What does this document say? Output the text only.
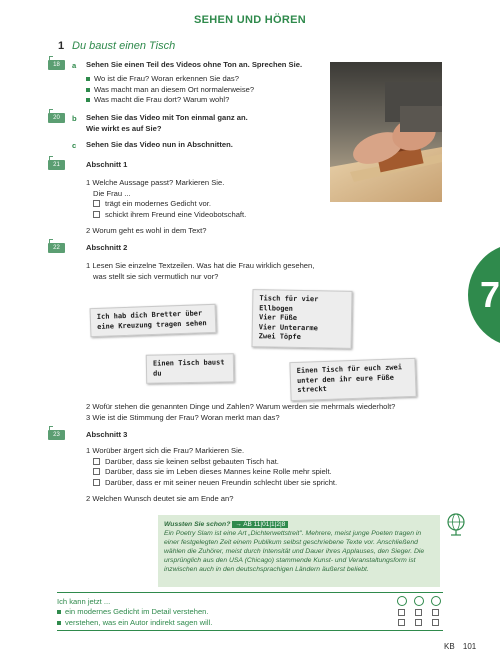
SEHEN UND HÖREN
1 Du baust einen Tisch
18	a Sehen Sie einen Teil des Videos ohne Ton an. Sprechen Sie.
Wo ist die Frau? Woran erkennen Sie das?
Was macht man an diesem Ort normalerweise?
Was macht die Frau dort? Warum wohl?
20	b Sehen Sie das Video mit Ton einmal ganz an.
Wie wirkt es auf Sie?
c Sehen Sie das Video nun in Abschnitten.
21	Abschnitt 1
1 Welche Aussage passt? Markieren Sie.
Die Frau ...
trägt ein modernes Gedicht vor.
schickt ihrem Freund eine Videobotschaft.
2 Worum geht es wohl in dem Text?
22	Abschnitt 2
1 Lesen Sie einzelne Textzeilen. Was hat die Frau wirklich gesehen,
was stellt sie sich vermutlich nur vor?
Ich hab dich Bretter über eine Kreuzung tragen sehen
Tisch für vier Ellbogen
Vier Füße
Vier Unterarme
Zwei Töpfe
Einen Tisch baust du	Einen Tisch für euch zwei unter den ihr eure Füße streckt
2 Wofür stehen die genannten Dinge und Zahlen? Warum werden sie mehrmals wiederholt?
3 Wie ist die Stimmung der Frau? Woran merkt man das?
23	Abschnitt 3
1 Worüber ärgert sich die Frau? Markieren Sie.
Darüber, dass sie keinen selbst gebauten Tisch hat.
Darüber, dass sie im Leben dieses Mannes keine Rolle mehr spielt.
Darüber, dass er mit seiner neuen Freundin schlecht über sie spricht.
2 Welchen Wunsch deutet sie am Ende an?
Wussten Sie schon? → AB 11|01|1|2|8
Ein Poetry Slam ist eine Art „Dichterwettstreit". Mehrere, meist junge Poeten tragen in einer festgelegten Zeit einem Publikum selbst geschriebene Texte vor. Anschließend wählen die Zuhörer, meist durch Intensität und Dauer ihres Applauses, den Sieger. Die ursprünglich aus den USA (Chicago) stammende Kunst- und Veranstaltungsform ist inzwischen auch in den deutschsprachigen Ländern äußerst beliebt.
Ich kann jetzt ...
ein modernes Gedicht im Detail verstehen.
verstehen, was ein Autor indirekt sagen will.
7
KB 101
